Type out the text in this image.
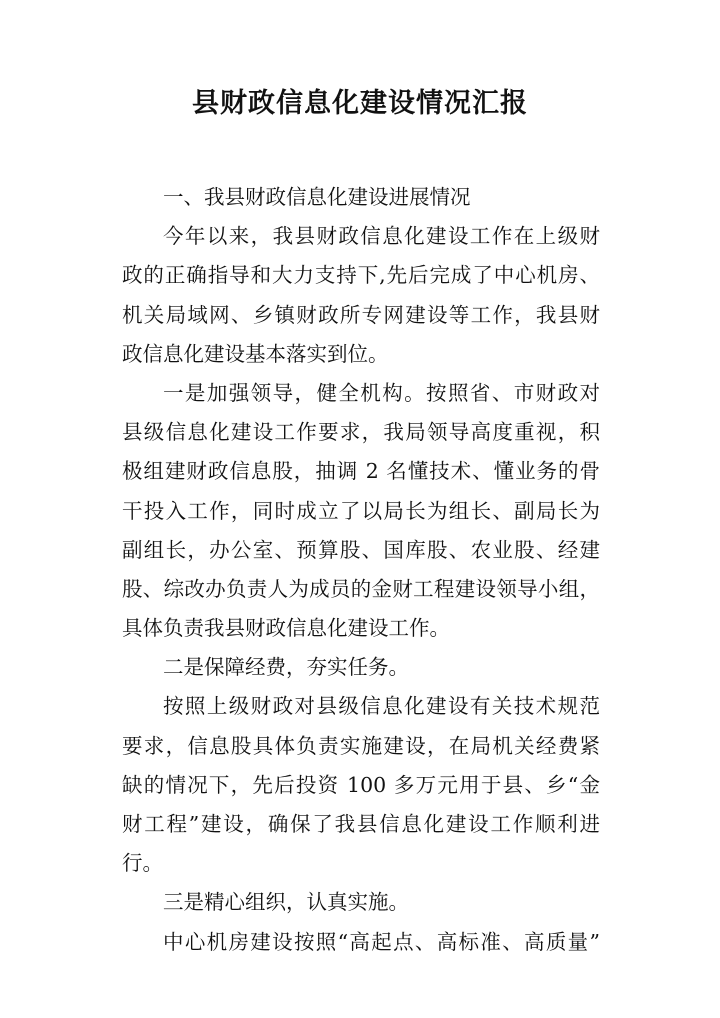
县财政信息化建设情况汇报
一、我县财政信息化建设进展情况
今年以来，我县财政信息化建设工作在上级财
政的正确指导和大力支持下,先后完成了中心机房、
机关局域网、乡镇财政所专网建设等工作，我县财
政信息化建设基本落实到位。
一是加强领导，健全机构。按照省、市财政对
县级信息化建设工作要求，我局领导高度重视，积
极组建财政信息股，抽调 2 名懂技术、懂业务的骨
干投入工作，同时成立了以局长为组长、副局长为
副组长，办公室、预算股、国库股、农业股、经建
股、综改办负责人为成员的金财工程建设领导小组，
具体负责我县财政信息化建设工作。
二是保障经费，夯实任务。
按照上级财政对县级信息化建设有关技术规范
要求，信息股具体负责实施建设，在局机关经费紧
缺的情况下，先后投资 100 多万元用于县、乡“金
财工程”建设，确保了我县信息化建设工作顺利进
行。
三是精心组织，认真实施。
中心机房建设按照“高起点、高标准、高质量”
